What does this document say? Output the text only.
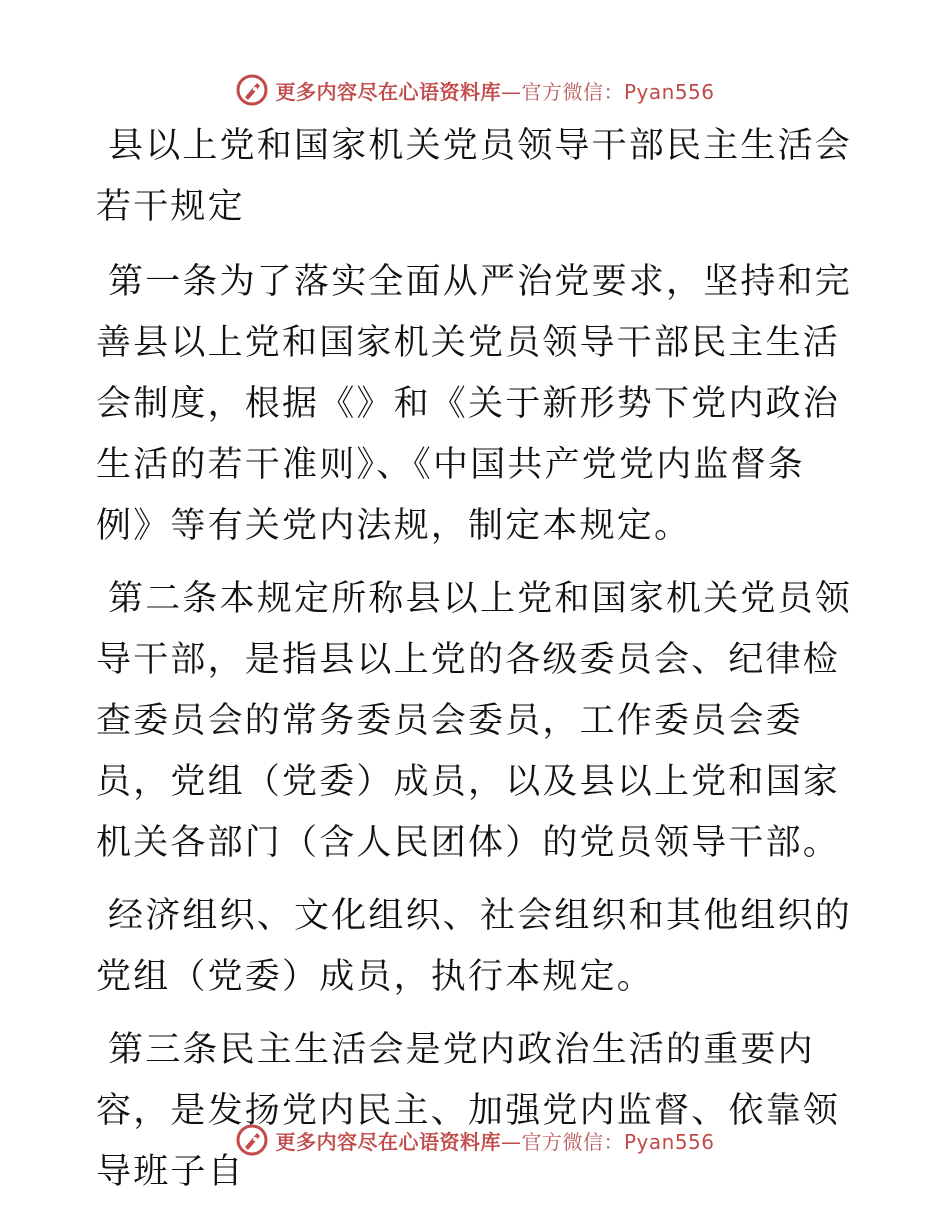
更多内容尽在心语资料库—官方微信：Pyan556

县以上党和国家机关党员领导干部民主生活会若干规定

第一条为了落实全面从严治党要求，坚持和完善县以上党和国家机关党员领导干部民主生活会制度，根据《》和《关于新形势下党内政治生活的若干准则》、《中国共产党党内监督条例》等有关党内法规，制定本规定。

第二条本规定所称县以上党和国家机关党员领导干部，是指县以上党的各级委员会、纪律检查委员会的常务委员会委员，工作委员会委员，党组（党委）成员，以及县以上党和国家机关各部门（含人民团体）的党员领导干部。

经济组织、文化组织、社会组织和其他组织的党组（党委）成员，执行本规定。

第三条民主生活会是党内政治生活的重要内容，是发扬党内民主、加强党内监督、依靠领导班子自

更多内容尽在心语资料库—官方微信：Pyan556
